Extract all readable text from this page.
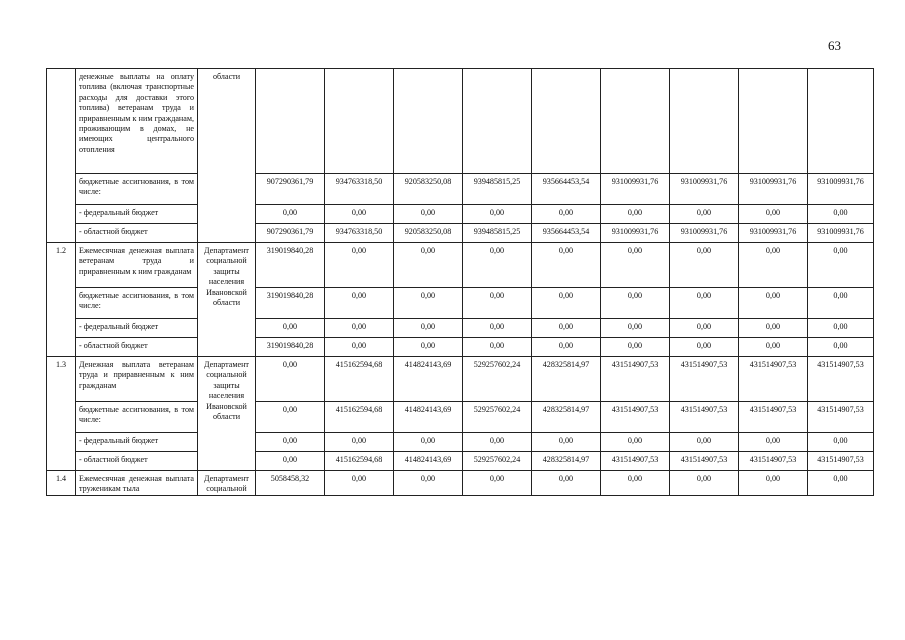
63
	денежные выплаты на оплату топлива (включая транспортные расходы для доставки этого топлива) ветеранам труда и приравненным к ним гражданам, проживающим в домах, не имеющих центрального отопления	области									
	бюджетные ассигнования, в том числе:		907290361,79	934763318,50	920583250,08	939485815,25	935664453,54	931009931,76	931009931,76	931009931,76	931009931,76
	- федеральный бюджет		0,00	0,00	0,00	0,00	0,00	0,00	0,00	0,00	0,00
	- областной бюджет		907290361,79	934763318,50	920583250,08	939485815,25	935664453,54	931009931,76	931009931,76	931009931,76	931009931,76
1.2	Ежемесячная денежная выплата ветеранам труда и приравненным к ним гражданам	Департамент социальной защиты населения Ивановской области	319019840,28	0,00	0,00	0,00	0,00	0,00	0,00	0,00	0,00
	бюджетные ассигнования, в том числе:		319019840,28	0,00	0,00	0,00	0,00	0,00	0,00	0,00	0,00
	- федеральный бюджет		0,00	0,00	0,00	0,00	0,00	0,00	0,00	0,00	0,00
	- областной бюджет		319019840,28	0,00	0,00	0,00	0,00	0,00	0,00	0,00	0,00
1.3	Денежная выплата ветеранам труда и приравненным к ним гражданам	Департамент социальной защиты населения Ивановской области	0,00	415162594,68	414824143,69	529257602,24	428325814,97	431514907,53	431514907,53	431514907,53	431514907,53
	бюджетные ассигнования, в том числе:		0,00	415162594,68	414824143,69	529257602,24	428325814,97	431514907,53	431514907,53	431514907,53	431514907,53
	- федеральный бюджет		0,00	0,00	0,00	0,00	0,00	0,00	0,00	0,00	0,00
	- областной бюджет		0,00	415162594,68	414824143,69	529257602,24	428325814,97	431514907,53	431514907,53	431514907,53	431514907,53
1.4	Ежемесячная денежная выплата труженикам тыла	Департамент социальной	5058458,32	0,00	0,00	0,00	0,00	0,00	0,00	0,00	0,00
